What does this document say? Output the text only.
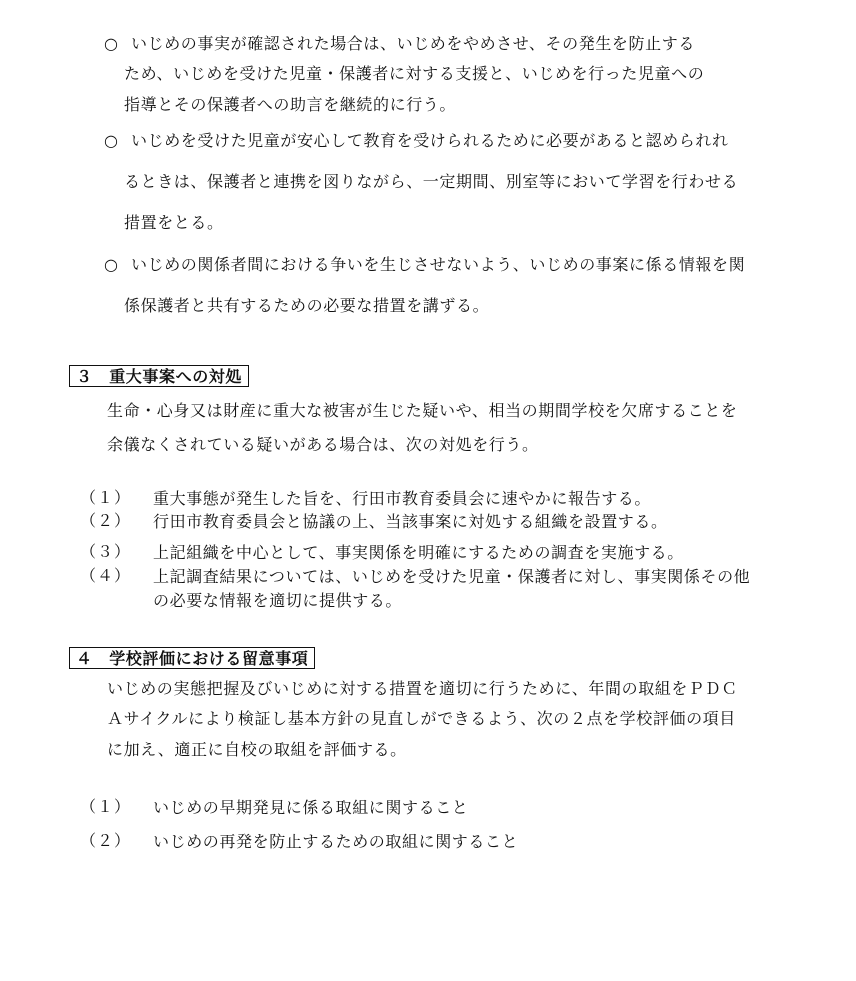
○ いじめの事実が確認された場合は、いじめをやめさせ、その発生を防止する
ため、いじめを受けた児童・保護者に対する支援と、いじめを行った児童への
指導とその保護者への助言を継続的に行う。
○ いじめを受けた児童が安心して教育を受けられるために必要があると認められれ
るときは、保護者と連携を図りながら、一定期間、別室等において学習を行わせる
措置をとる。
○ いじめの関係者間における争いを生じさせないよう、いじめの事案に係る情報を関
係保護者と共有するための必要な措置を講ずる。
３　重大事案への対処
生命・心身又は財産に重大な被害が生じた疑いや、相当の期間学校を欠席することを
余儀なくされている疑いがある場合は、次の対処を行う。
（１） 重大事態が発生した旨を、行田市教育委員会に速やかに報告する。
（２） 行田市教育委員会と協議の上、当該事案に対処する組織を設置する。
（３） 上記組織を中心として、事実関係を明確にするための調査を実施する。
（４） 上記調査結果については、いじめを受けた児童・保護者に対し、事実関係その他
の必要な情報を適切に提供する。
４　学校評価における留意事項
いじめの実態把握及びいじめに対する措置を適切に行うために、年間の取組をＰＤＣ
Ａサイクルにより検証し基本方針の見直しができるよう、次の２点を学校評価の項目
に加え、適正に自校の取組を評価する。
（１） いじめの早期発見に係る取組に関すること
（２） いじめの再発を防止するための取組に関すること
